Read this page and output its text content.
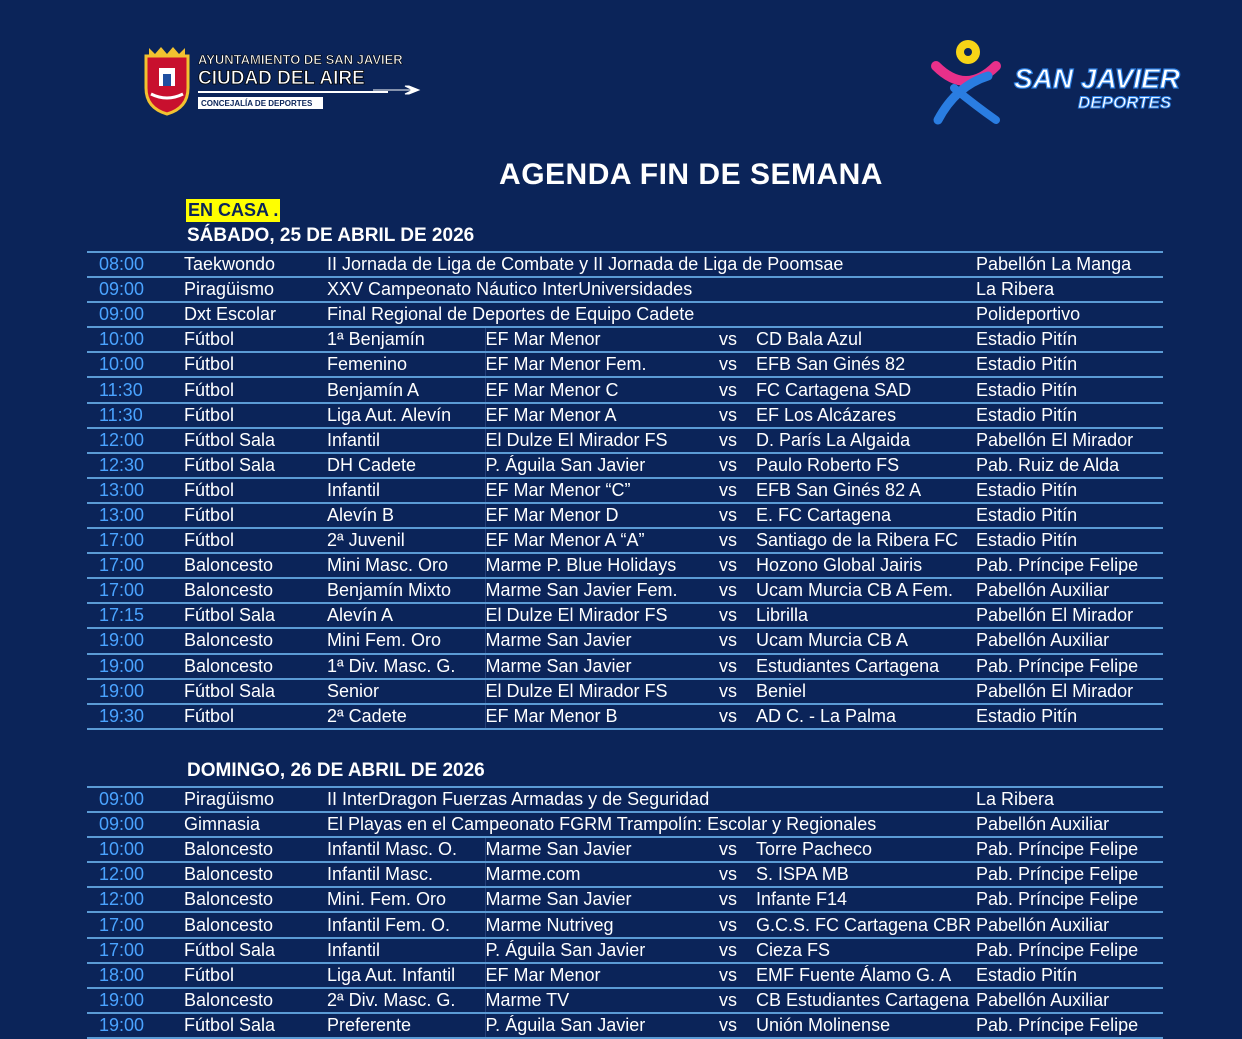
AYUNTAMIENTO DE SAN JAVIER
CIUDAD DEL AIRE
CONCEJALÍA DE DEPORTES
SAN JAVIER
DEPORTES
AGENDA FIN DE SEMANA
EN CASA .
SÁBADO, 25 DE ABRIL DE 2026
08:00	Taekwondo	II Jornada de Liga de Combate y II Jornada de Liga de Poomsae				Pabellón La Manga
09:00	Piragüismo	XXV Campeonato Náutico InterUniversidades				La Ribera
09:00	Dxt Escolar	Final Regional de Deportes de Equipo Cadete				Polideportivo
10:00	Fútbol	1ª Benjamín	EF Mar Menor	vs	CD Bala Azul	Estadio Pitín
10:00	Fútbol	Femenino	EF Mar Menor Fem.	vs	EFB San Ginés 82	Estadio Pitín
11:30	Fútbol	Benjamín A	EF Mar Menor C	vs	FC Cartagena SAD	Estadio Pitín
11:30	Fútbol	Liga Aut. Alevín	EF Mar Menor A	vs	EF Los Alcázares	Estadio Pitín
12:00	Fútbol Sala	Infantil	El Dulze El Mirador FS	vs	D. París La Algaida	Pabellón El Mirador
12:30	Fútbol Sala	DH Cadete	P. Águila San Javier	vs	Paulo Roberto FS	Pab. Ruiz de Alda
13:00	Fútbol	Infantil	EF Mar Menor “C”	vs	EFB San Ginés 82 A	Estadio Pitín
13:00	Fútbol	Alevín B	EF Mar Menor D	vs	E. FC Cartagena	Estadio Pitín
17:00	Fútbol	2ª Juvenil	EF Mar Menor A “A”	vs	Santiago de la Ribera FC	Estadio Pitín
17:00	Baloncesto	Mini Masc. Oro	Marme P. Blue Holidays	vs	Hozono Global Jairis	Pab. Príncipe Felipe
17:00	Baloncesto	Benjamín Mixto	Marme San Javier Fem.	vs	Ucam Murcia CB A Fem.	Pabellón Auxiliar
17:15	Fútbol Sala	Alevín A	El Dulze El Mirador FS	vs	Librilla	Pabellón El Mirador
19:00	Baloncesto	Mini Fem. Oro	Marme San Javier	vs	Ucam Murcia CB A	Pabellón Auxiliar
19:00	Baloncesto	1ª Div. Masc. G.	Marme San Javier	vs	Estudiantes Cartagena	Pab. Príncipe Felipe
19:00	Fútbol Sala	Senior	El Dulze El Mirador FS	vs	Beniel	Pabellón El Mirador
19:30	Fútbol	2ª Cadete	EF Mar Menor B	vs	AD C. - La Palma	Estadio Pitín
DOMINGO, 26 DE ABRIL DE 2026
09:00	Piragüismo	II InterDragon Fuerzas Armadas y de Seguridad				La Ribera
09:00	Gimnasia	El Playas en el Campeonato FGRM Trampolín: Escolar y Regionales				Pabellón Auxiliar
10:00	Baloncesto	Infantil Masc. O.	Marme San Javier	vs	Torre Pacheco	Pab. Príncipe Felipe
12:00	Baloncesto	Infantil Masc.	Marme.com	vs	S. ISPA MB	Pab. Príncipe Felipe
12:00	Baloncesto	Mini. Fem. Oro	Marme San Javier	vs	Infante F14	Pab. Príncipe Felipe
17:00	Baloncesto	Infantil Fem. O.	Marme Nutriveg	vs	G.C.S. FC Cartagena CBR	Pabellón Auxiliar
17:00	Fútbol Sala	Infantil	P. Águila San Javier	vs	Cieza FS	Pab. Príncipe Felipe
18:00	Fútbol	Liga Aut. Infantil	EF Mar Menor	vs	EMF Fuente Álamo G. A	Estadio Pitín
19:00	Baloncesto	2ª Div. Masc. G.	Marme TV	vs	CB Estudiantes Cartagena	Pabellón Auxiliar
19:00	Fútbol Sala	Preferente	P. Águila San Javier	vs	Unión Molinense	Pab. Príncipe Felipe
